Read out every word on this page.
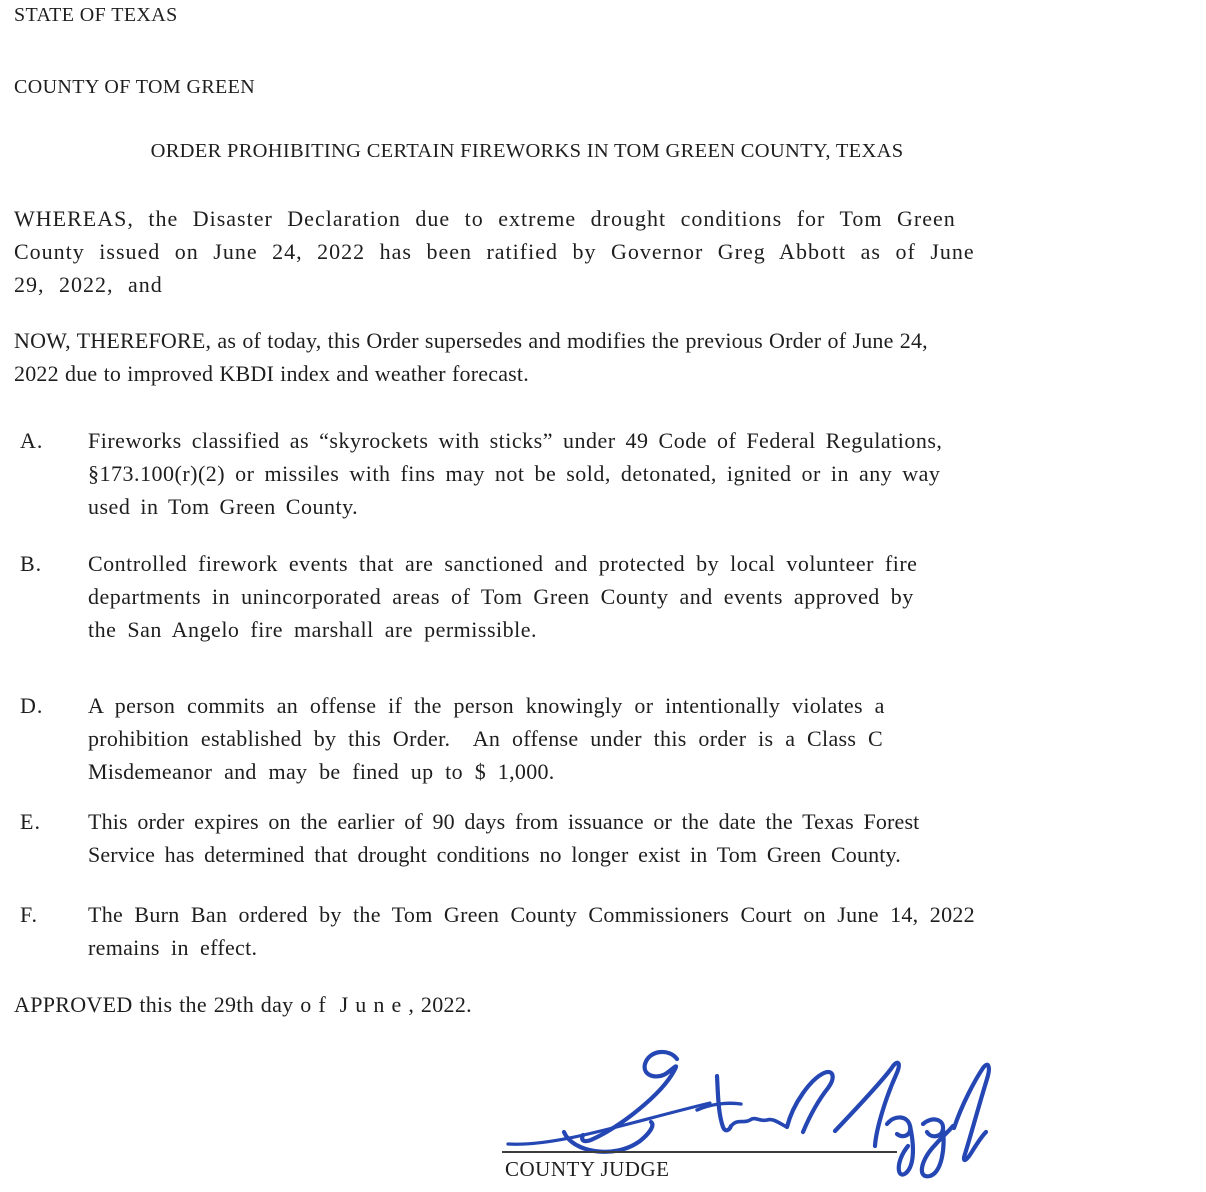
STATE OF TEXAS
COUNTY OF TOM GREEN
ORDER PROHIBITING CERTAIN FIREWORKS IN TOM GREEN COUNTY, TEXAS
WHEREAS, the Disaster Declaration due to extreme drought conditions for Tom Green
County issued on June 24, 2022 has been ratified by Governor Greg Abbott as of June
29, 2022, and
NOW, THEREFORE, as of today, this Order supersedes and modifies the previous Order of June 24,
2022 due to improved KBDI index and weather forecast.
A. Fireworks classified as “skyrockets with sticks” under 49 Code of Federal Regulations,
§173.100(r)(2) or missiles with fins may not be sold, detonated, ignited or in any way
used in Tom Green County.
B. Controlled firework events that are sanctioned and protected by local volunteer fire
departments in unincorporated areas of Tom Green County and events approved by
the San Angelo fire marshall are permissible.
D. A person commits an offense if the person knowingly or intentionally violates a
prohibition established by this Order.  An offense under this order is a Class C
Misdemeanor and may be fined up to $ 1,000.
E. This order expires on the earlier of 90 days from issuance or the date the Texas Forest
Service has determined that drought conditions no longer exist in Tom Green County.
F. The Burn Ban ordered by the Tom Green County Commissioners Court on June 14, 2022
remains in effect.
APPROVED this the 29th day o f  J u n e , 2022.
COUNTY JUDGE
